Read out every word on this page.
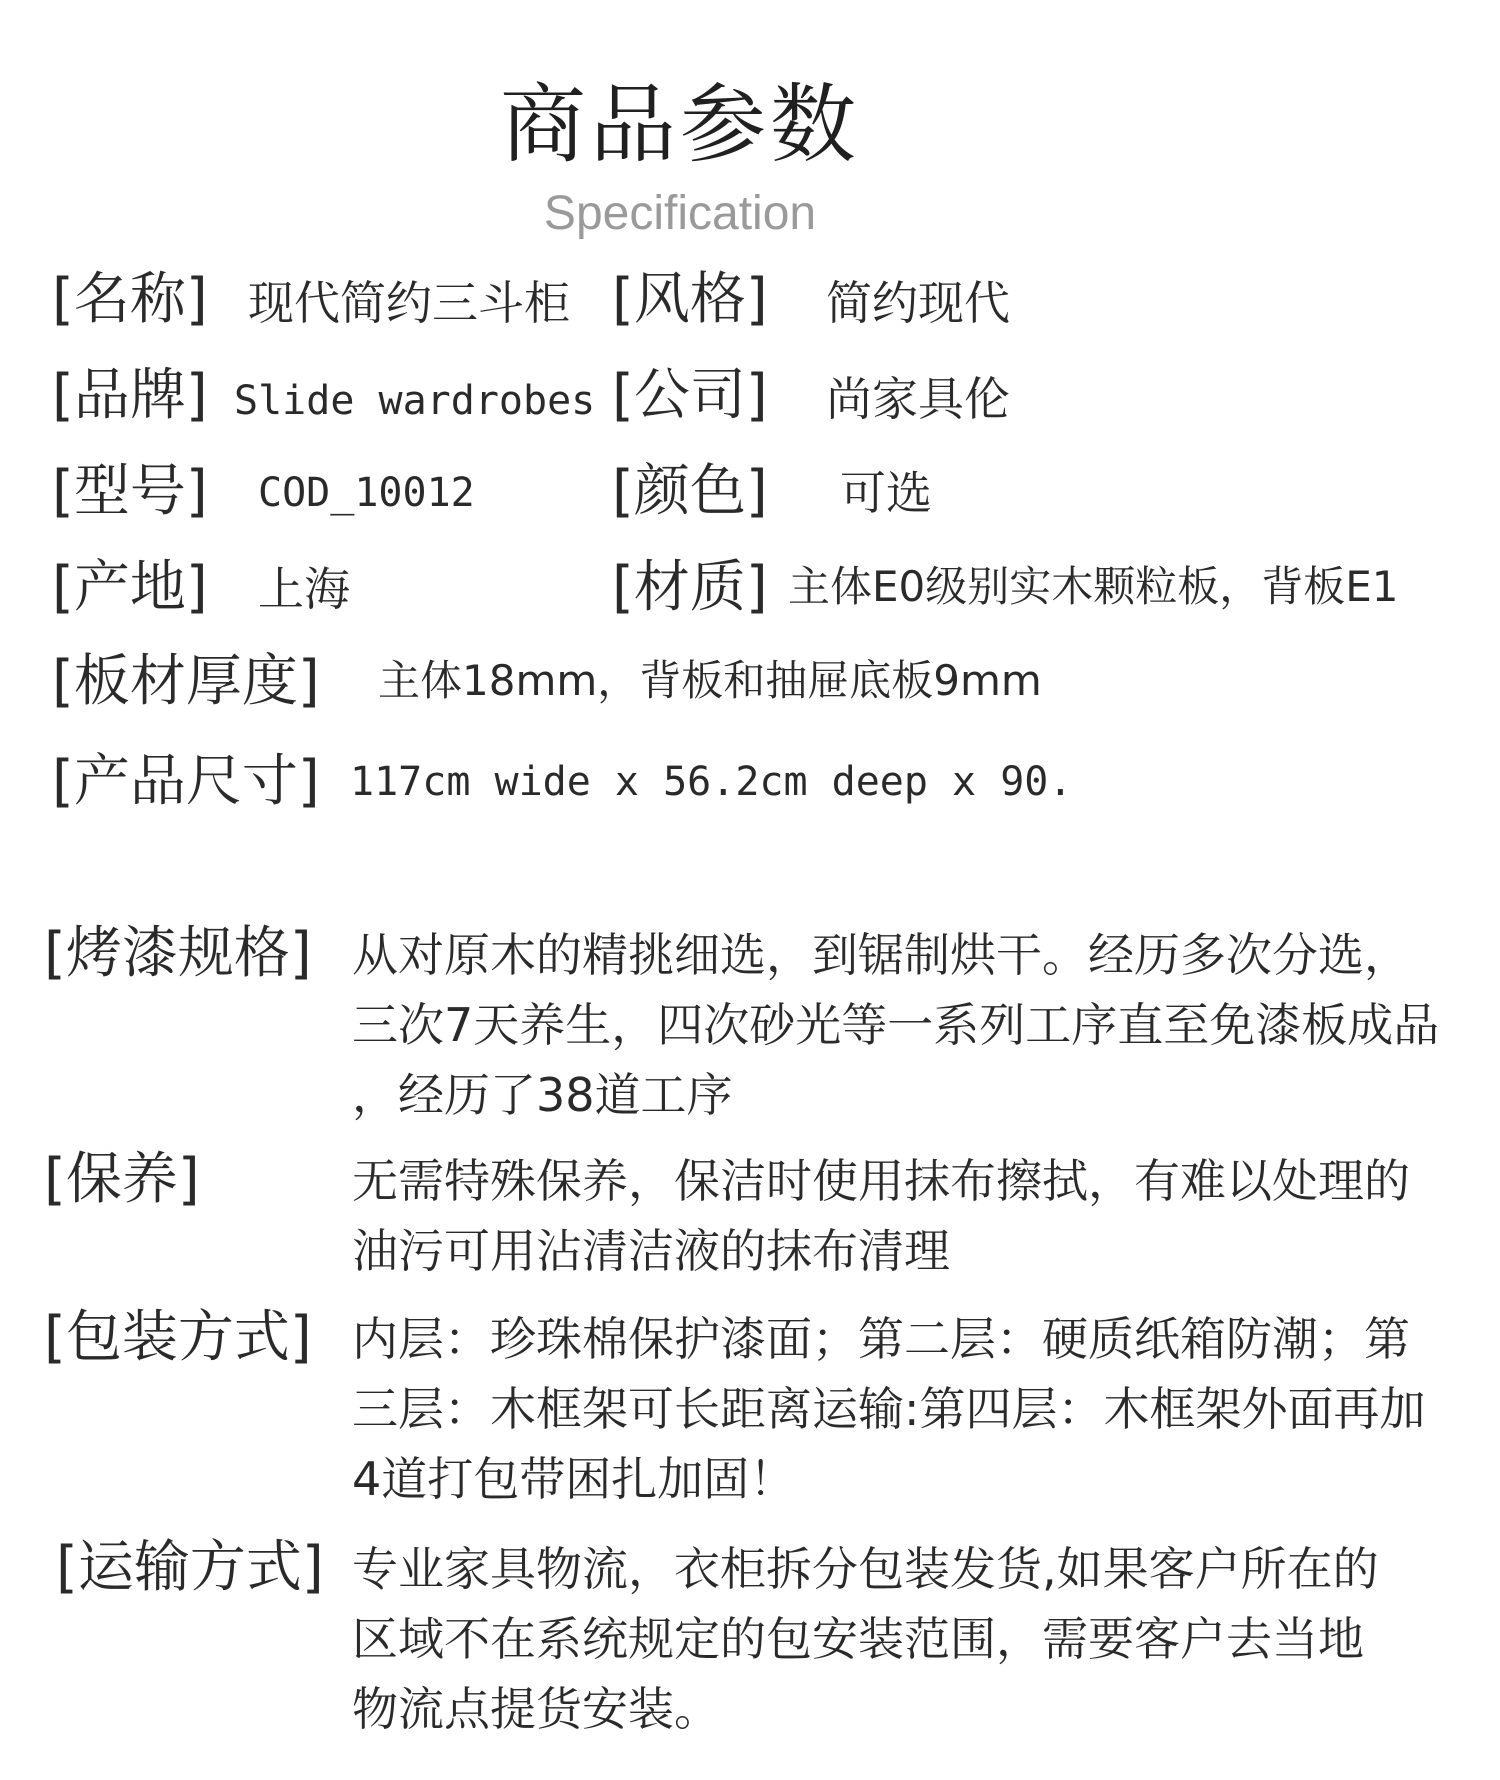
商品参数
Specification
[名称] 现代简约三斗柜 [风格] 简约现代
[品牌] Slide wardrobes [公司] 尚家具伦
[型号] COD_10012 [颜色] 可选
[产地] 上海	[材质] 主体E0级别实木颗粒板，背板E1
[板材厚度] 主体18mm，背板和抽屉底板9mm
[产品尺寸] 117cm wide x 56.2cm deep x 90.
[烤漆规格] 从对原木的精挑细选，到锯制烘干。经历多次分选，
三次7天养生，四次砂光等一系列工序直至免漆板成品
，经历了38道工序
[保养]	无需特殊保养，保洁时使用抹布擦拭，有难以处理的
油污可用沾清洁液的抹布清理
[包装方式] 内层：珍珠棉保护漆面；第二层：硬质纸箱防潮；第
三层：木框架可长距离运输:第四层：木框架外面再加
4道打包带困扎加固！
[运输方式] 专业家具物流，衣柜拆分包装发货,如果客户所在的
区域不在系统规定的包安装范围，需要客户去当地
物流点提货安装。
